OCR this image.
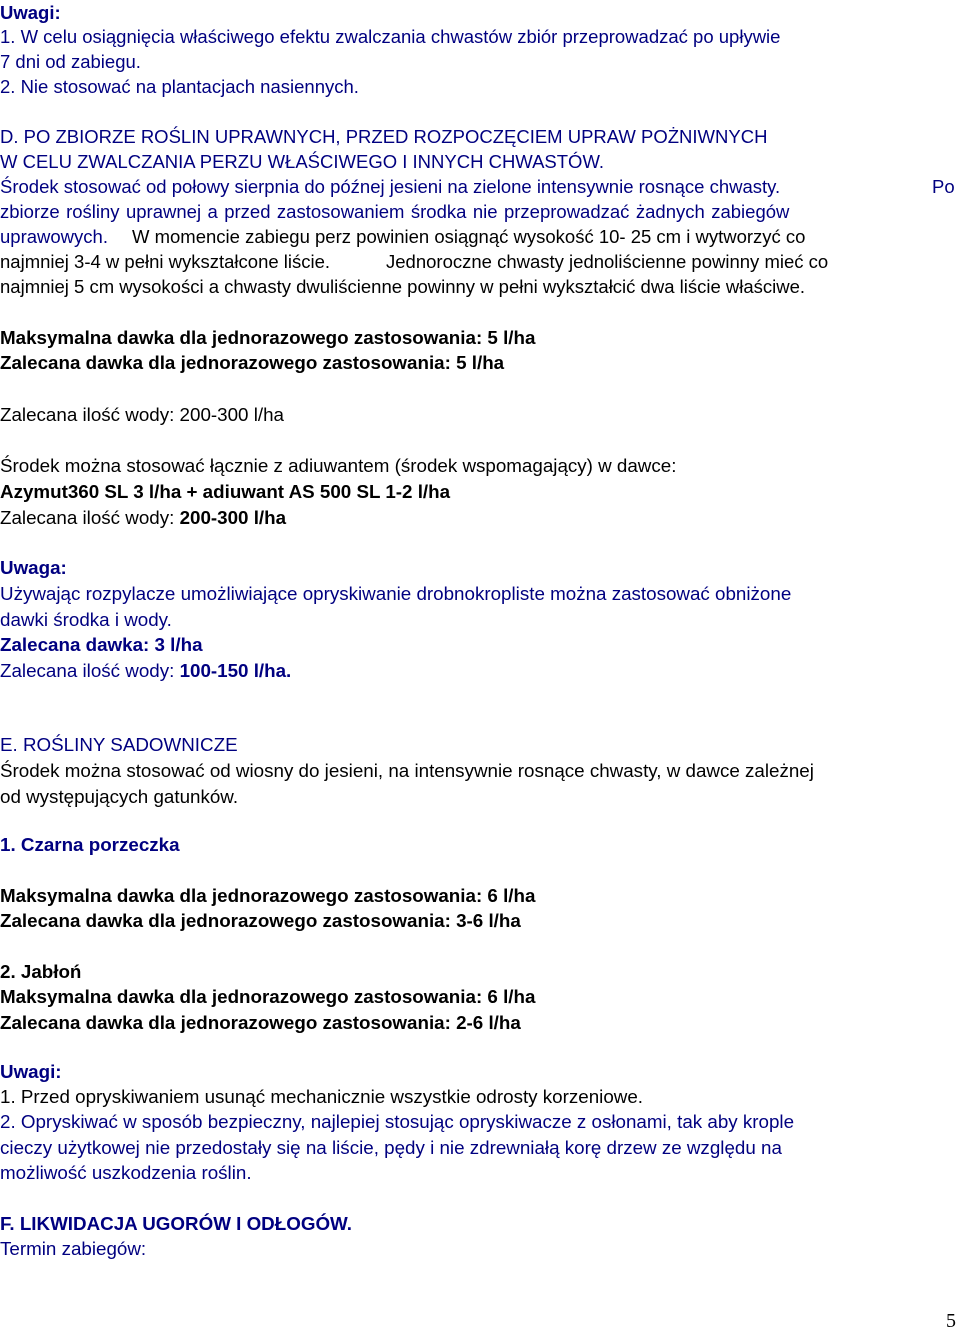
Uwagi:

1. W celu osiągnięcia właściwego efektu zwalczania chwastów zbiór przeprowadzać po upływie

7 dni od zabiegu.

2. Nie stosować na plantacjach nasiennych.

D. PO ZBIORZE ROŚLIN UPRAWNYCH, PRZED ROZPOCZĘCIEM UPRAW POŻNIWNYCH

W CELU ZWALCZANIA PERZU WŁAŚCIWEGO I INNYCH CHWASTÓW.

Środek stosować od połowy sierpnia do późnej jesieni na zielone intensywnie rosnące chwasty.	Po

zbiorze rośliny uprawnej a przed zastosowaniem środka nie przeprowadzać żadnych zabiegów

uprawowych. W momencie zabiegu perz powinien osiągnąć wysokość 10- 25 cm i wytworzyć co

najmniej 3-4 w pełni wykształcone liście.	Jednoroczne chwasty jednoliścienne powinny mieć co

najmniej 5 cm wysokości a chwasty dwuliścienne powinny w pełni wykształcić dwa liście właściwe.

Maksymalna dawka dla jednorazowego zastosowania: 5 l/ha

Zalecana dawka dla jednorazowego zastosowania: 5 l/ha

Zalecana ilość wody: 200-300 l/ha

Środek można stosować łącznie z adiuwantem (środek wspomagający) w dawce:

Azymut360 SL 3 l/ha + adiuwant AS 500 SL 1-2 l/ha

Zalecana ilość wody: 200-300 l/ha

Uwaga:

Używając rozpylacze umożliwiające opryskiwanie drobnokropliste można zastosować obniżone

dawki środka i wody.

Zalecana dawka: 3 l/ha

Zalecana ilość wody: 100-150 l/ha.

E. ROŚLINY SADOWNICZE

Środek można stosować od wiosny do jesieni, na intensywnie rosnące chwasty, w dawce zależnej

od występujących gatunków.

1. Czarna porzeczka

Maksymalna dawka dla jednorazowego zastosowania: 6 l/ha

Zalecana dawka dla jednorazowego zastosowania: 3-6 l/ha

2. Jabłoń

Maksymalna dawka dla jednorazowego zastosowania: 6 l/ha

Zalecana dawka dla jednorazowego zastosowania: 2-6 l/ha

Uwagi:

1. Przed opryskiwaniem usunąć mechanicznie wszystkie odrosty korzeniowe.

2. Opryskiwać w sposób bezpieczny, najlepiej stosując opryskiwacze z osłonami, tak aby krople

cieczy użytkowej nie przedostały się na liście, pędy i nie zdrewniałą korę drzew ze względu na

możliwość uszkodzenia roślin.

F. LIKWIDACJA UGORÓW I ODŁOGÓW.

Termin zabiegów:

5
